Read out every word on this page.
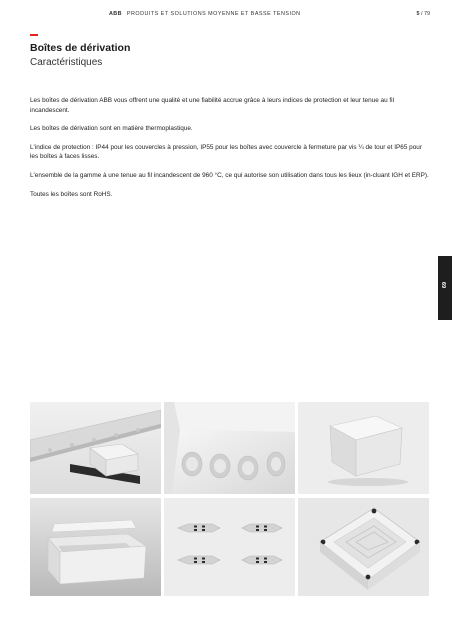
ABB PRODUITS ET SOLUTIONS MOYENNE ET BASSE TENSION	5 / 79
Boîtes de dérivation
Caractéristiques

Les boîtes de dérivation ABB vous offrent une qualité et une fiabilité accrue grâce à leurs indices de protection et leur tenue au fil incandescent.

Les boîtes de dérivation sont en matière thermoplastique.

L'indice de protection : IP44 pour les couvercles à pression, IP55 pour les boîtes avec couvercle à fermeture par vis ¼ de tour et IP65 pour les boîtes à faces lisses.

L'ensemble de la gamme à une tenue au fil incandescent de 960 °C, ce qui autorise son utilisation dans tous les lieux (in-cluant IGH et ERP).

Toutes les boîtes sont RoHS.

69
